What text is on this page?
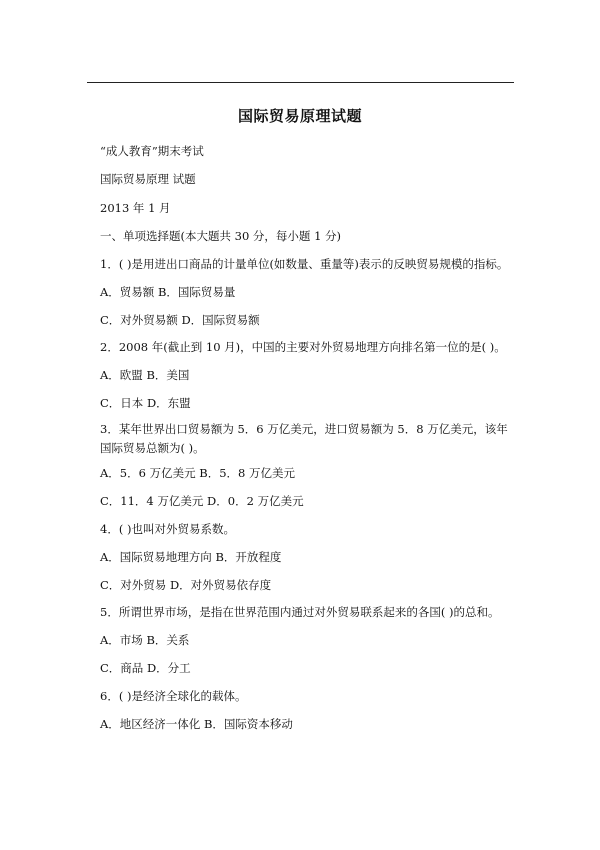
国际贸易原理试题
“成人教育”期末考试
国际贸易原理 试题
2013 年 1 月
一、单项选择题(本大题共 30 分，每小题 1 分)
1．( )是用进出口商品的计量单位(如数量、重量等)表示的反映贸易规模的指标。
A．贸易额 B．国际贸易量
C．对外贸易额 D．国际贸易额
2．2008 年(截止到 10 月)，中国的主要对外贸易地理方向排名第一位的是( )。
A．欧盟 B．美国
C．日本 D．东盟
3．某年世界出口贸易额为 5．6 万亿美元，进口贸易额为 5．8 万亿美元，该年国际贸易总额为( )。
A．5．6 万亿美元 B．5．8 万亿美元
C．11．4 万亿美元 D．0．2 万亿美元
4．( )也叫对外贸易系数。
A．国际贸易地理方向 B．开放程度
C．对外贸易 D．对外贸易依存度
5．所谓世界市场，是指在世界范围内通过对外贸易联系起来的各国( )的总和。
A．市场 B．关系
C．商品 D．分工
6．( )是经济全球化的载体。
A．地区经济一体化 B．国际资本移动
